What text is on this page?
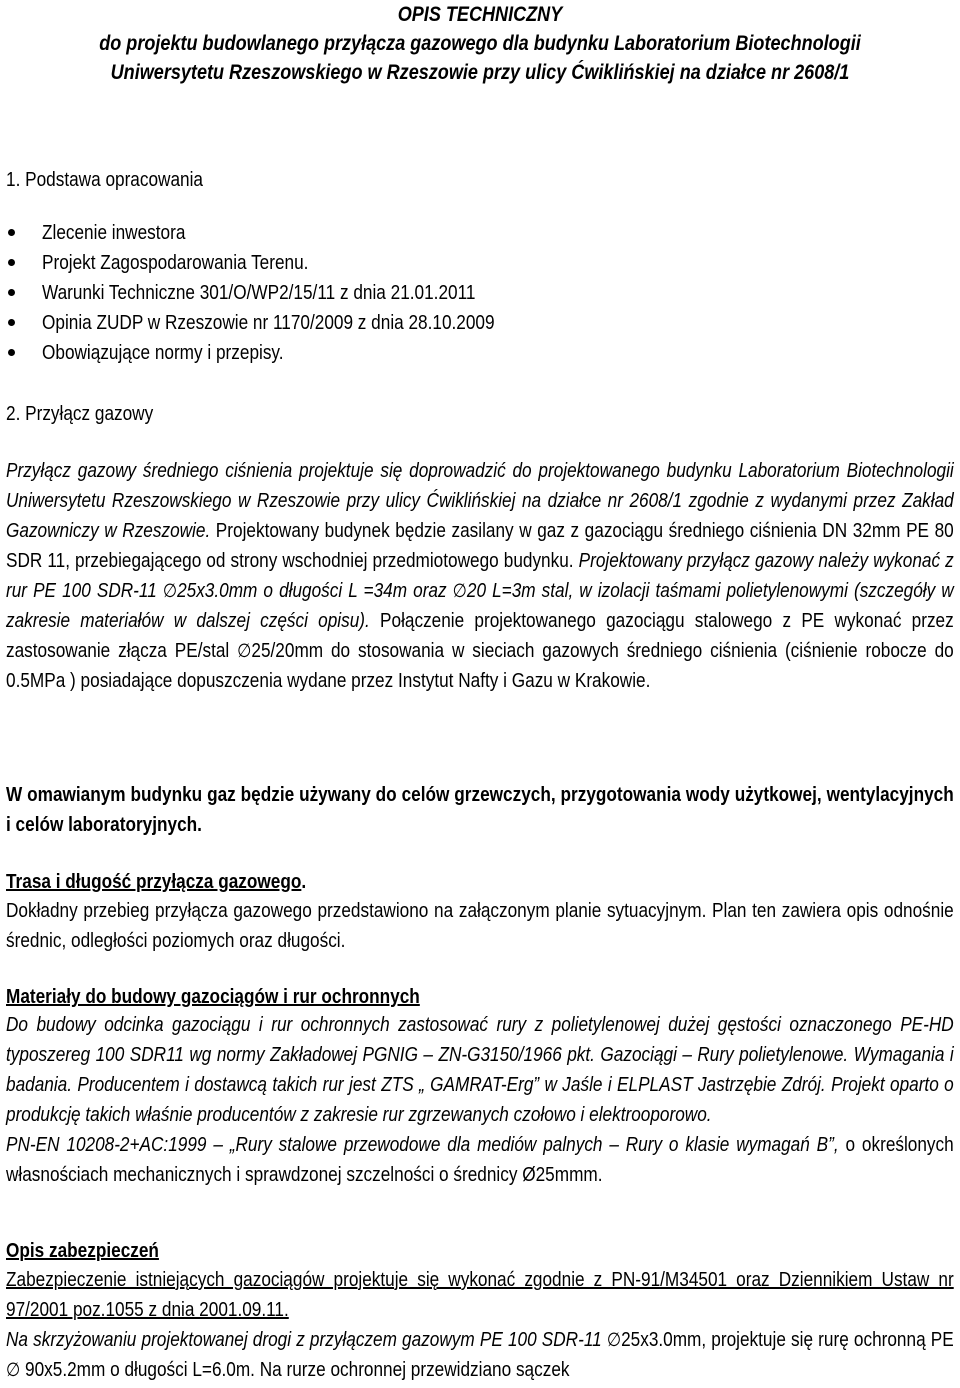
OPIS TECHNICZNY
do projektu budowlanego przyłącza gazowego dla budynku Laboratorium Biotechnologii
Uniwersytetu Rzeszowskiego w Rzeszowie przy ulicy Ćwiklińskiej na działce nr 2608/1
1. Podstawa opracowania
Zlecenie inwestora
Projekt Zagospodarowania Terenu.
Warunki Techniczne 301/O/WP2/15/11 z dnia 21.01.2011
Opinia ZUDP w Rzeszowie nr 1170/2009 z dnia 28.10.2009
Obowiązujące normy i przepisy.
2. Przyłącz gazowy
Przyłącz gazowy średniego ciśnienia projektuje się doprowadzić do projektowanego budynku Laboratorium Biotechnologii Uniwersytetu Rzeszowskiego w Rzeszowie przy ulicy Ćwiklińskiej na działce nr 2608/1 zgodnie z wydanymi przez Zakład Gazowniczy w Rzeszowie. Projektowany budynek będzie zasilany w gaz z gazociągu średniego ciśnienia DN 32mm PE 80 SDR 11, przebiegającego od strony wschodniej przedmiotowego budynku. Projektowany przyłącz gazowy należy wykonać z rur PE 100 SDR-11 ∅25x3.0mm o długości L =34m oraz ∅20 L=3m stal, w izolacji taśmami polietylenowymi (szczegóły w zakresie materiałów w dalszej części opisu). Połączenie projektowanego gazociągu stalowego z PE wykonać przez zastosowanie złącza PE/stal ∅25/20mm do stosowania w sieciach gazowych średniego ciśnienia (ciśnienie robocze do 0.5MPa ) posiadające dopuszczenia wydane przez Instytut Nafty i Gazu w Krakowie.
W omawianym budynku gaz będzie używany do celów grzewczych, przygotowania wody użytkowej, wentylacyjnych i celów laboratoryjnych.
Trasa i długość przyłącza gazowego.
Dokładny przebieg przyłącza gazowego przedstawiono na załączonym planie sytuacyjnym. Plan ten zawiera opis odnośnie średnic, odległości poziomych oraz długości.
Materiały do budowy gazociągów i rur ochronnych
Do budowy odcinka gazociągu i rur ochronnych zastosować rury z polietylenowej dużej gęstości oznaczonego PE-HD typoszereg 100 SDR11 wg normy Zakładowej PGNIG – ZN-G3150/1966 pkt. Gazociągi – Rury polietylenowe. Wymagania i badania. Producentem i dostawcą takich rur jest ZTS „ GAMRAT-Erg” w Jaśle i ELPLAST Jastrzębie Zdrój. Projekt oparto o produkcję takich właśnie producentów z zakresie rur zgrzewanych czołowo i elektrooporowo.
PN-EN 10208-2+AC:1999 – „Rury stalowe przewodowe dla mediów palnych – Rury o klasie wymagań B”, o określonych własnościach mechanicznych i sprawdzonej szczelności o średnicy Ø25mmm.
Opis zabezpieczeń
Zabezpieczenie istniejących gazociągów projektuje się wykonać zgodnie z PN-91/M34501 oraz Dziennikiem Ustaw nr 97/2001 poz.1055 z dnia 2001.09.11.
Na skrzyżowaniu projektowanej drogi z przyłączem gazowym PE 100 SDR-11 ∅25x3.0mm, projektuje się rurę ochronną PE ∅ 90x5.2mm o długości L=6.0m. Na rurze ochronnej przewidziano sączek
